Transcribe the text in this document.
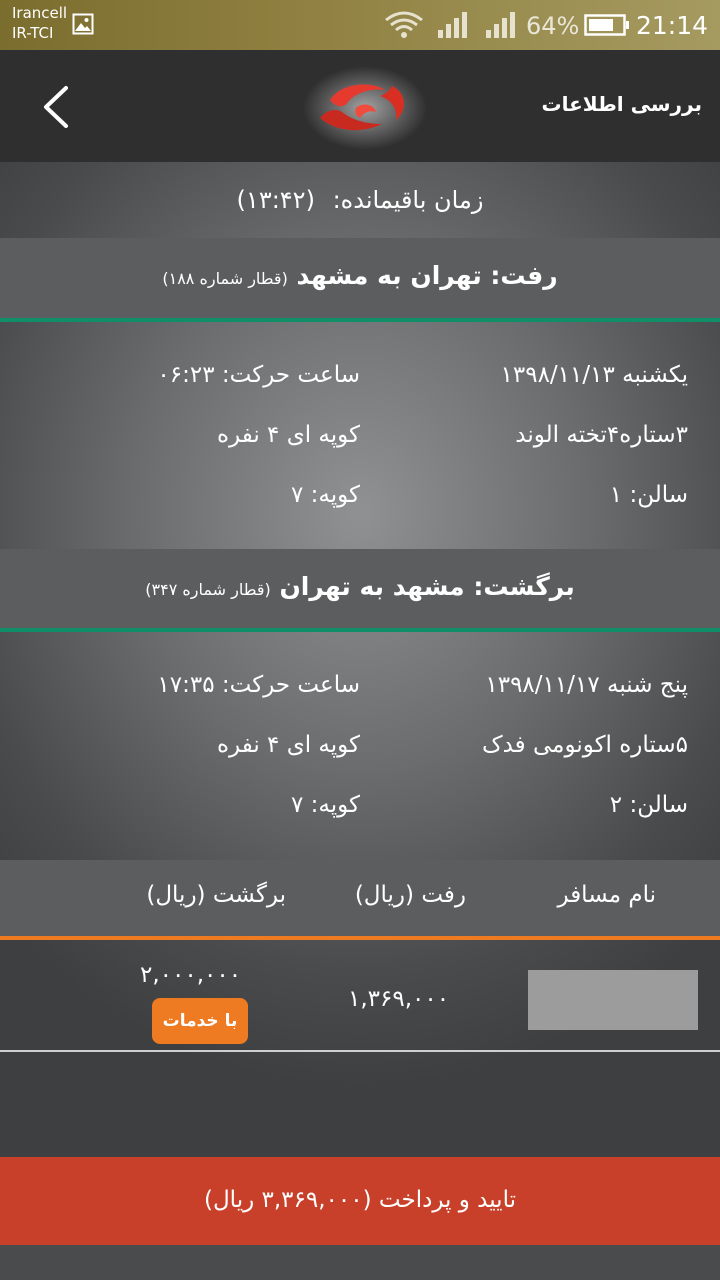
Irancell
IR-TCI	64% 21:14
بررسی اطلاعات
زمان باقیمانده: (۱۳:۴۲)
رفت: تهران به مشهد (قطار شماره ۱۸۸)
یکشنبه ۱۳۹۸/۱۱/۱۳
ساعت حرکت: ۰۶:۲۳
۳ستاره۴تخته الوند
کوپه ای ۴ نفره
سالن: ۱
کوپه: ۷
برگشت: مشهد به تهران (قطار شماره ۳۴۷)
پنج شنبه ۱۳۹۸/۱۱/۱۷
ساعت حرکت: ۱۷:۳۵
۵ستاره اکونومی فدک
کوپه ای ۴ نفره
سالن: ۲
کوپه: ۷
نام مسافر
رفت (ریال)
برگشت (ریال)
۱,۳۶۹,۰۰۰
۲,۰۰۰,۰۰۰
با خدمات
تایید و پرداخت (۳,۳۶۹,۰۰۰ ریال)
